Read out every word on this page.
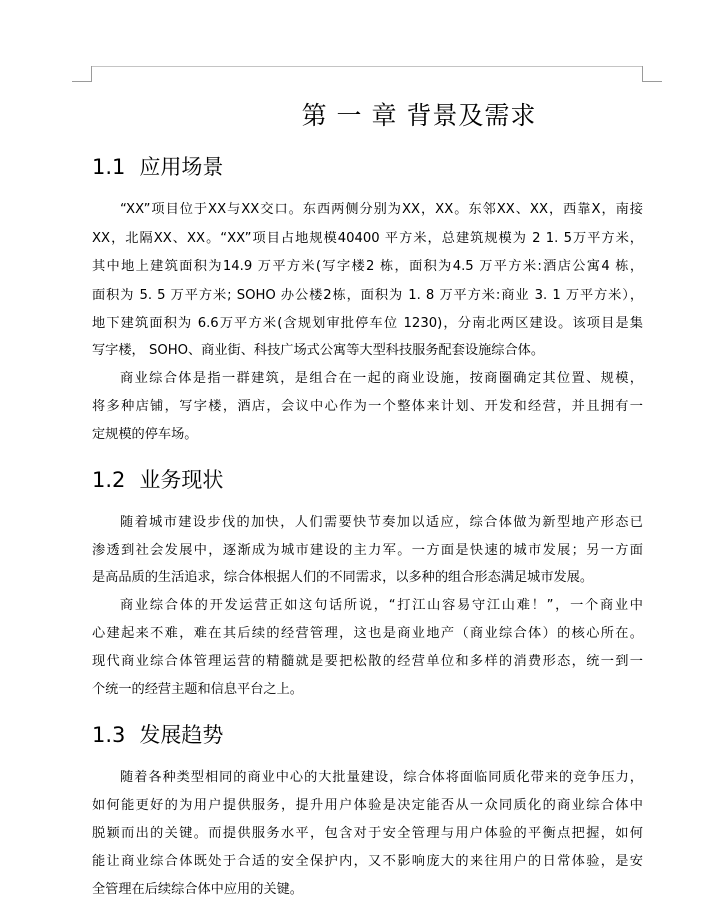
第 一 章 背景及需求
1.1 应用场景
“XX”项目位于XX与XX交口。东西两侧分别为XX，XX。东邻XX、XX，西靠X，南接
XX，北隔XX、XX。“XX”项目占地规模40400 平方米，总建筑规模为 2 1. 5万平方米，
其中地上建筑面积为14.9 万平方米(写字楼2 栋，面积为4.5 万平方米:酒店公寓4 栋，
面积为 5. 5 万平方米; SOHO 办公楼2栋，面积为 1. 8 万平方米:商业 3. 1 万平方米），
地下建筑面积为 6.6万平方米(含规划审批停车位 1230)，分南北两区建设。该项目是集
写字楼， SOHO、商业街、科技广场式公寓等大型科技服务配套设施综合体。
商业综合体是指一群建筑，是组合在一起的商业设施，按商圈确定其位置、规模，
将多种店铺，写字楼，酒店，会议中心作为一个整体来计划、开发和经营，并且拥有一
定规模的停车场。
1.2 业务现状
随着城市建设步伐的加快，人们需要快节奏加以适应，综合体做为新型地产形态已
渗透到社会发展中，逐渐成为城市建设的主力军。一方面是快速的城市发展；另一方面
是高品质的生活追求，综合体根据人们的不同需求，以多种的组合形态满足城市发展。
商业综合体的开发运营正如这句话所说，“打江山容易守江山难！”，一个商业中
心建起来不难，难在其后续的经营管理，这也是商业地产（商业综合体）的核心所在。
现代商业综合体管理运营的精髓就是要把松散的经营单位和多样的消费形态，统一到一
个统一的经营主题和信息平台之上。
1.3 发展趋势
随着各种类型相同的商业中心的大批量建设，综合体将面临同质化带来的竞争压力，
如何能更好的为用户提供服务，提升用户体验是决定能否从一众同质化的商业综合体中
脱颖而出的关键。而提供服务水平，包含对于安全管理与用户体验的平衡点把握，如何
能让商业综合体既处于合适的安全保护内，又不影响庞大的来往用户的日常体验，是安
全管理在后续综合体中应用的关键。
